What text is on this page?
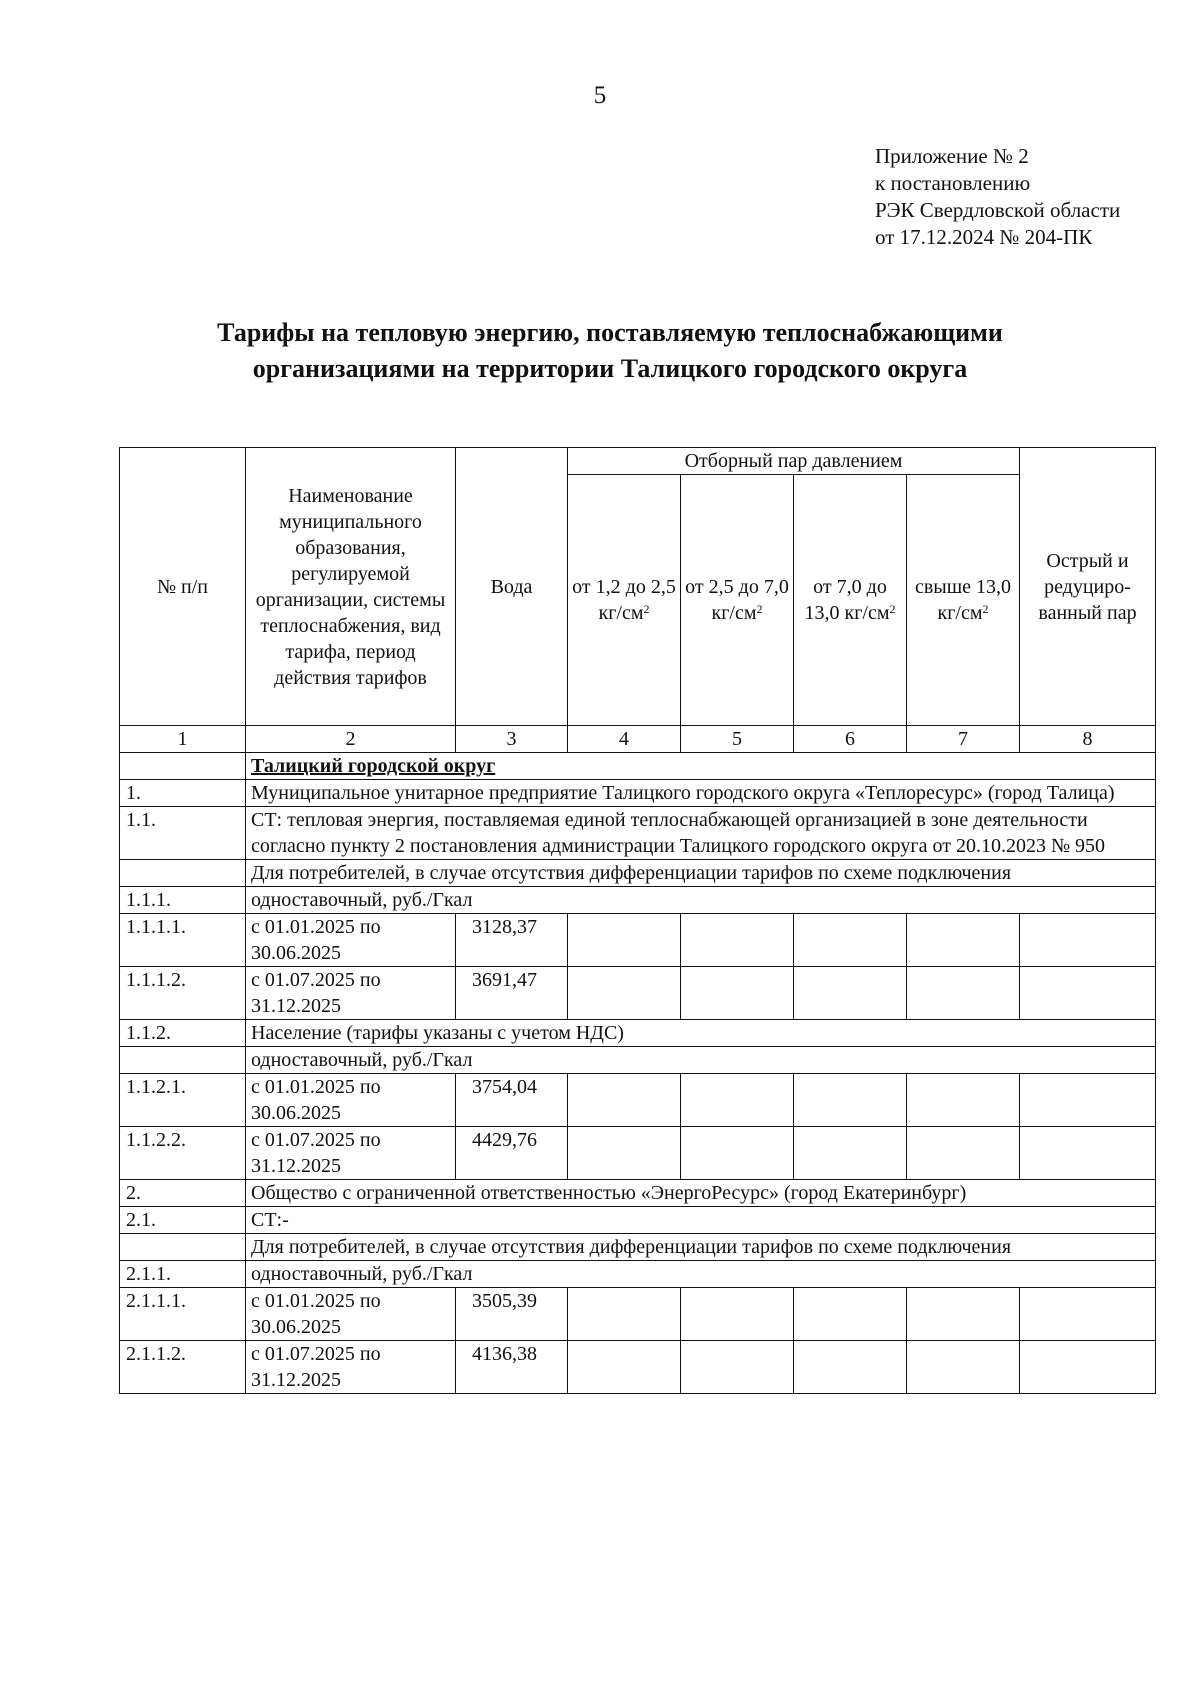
5
Приложение № 2
к постановлению
РЭК Свердловской области
от 17.12.2024 № 204-ПК
Тарифы на тепловую энергию, поставляемую теплоснабжающими
организациями на территории Талицкого городского округа
№ п/п	Наименование муниципального образования, регулируемой организации, системы теплоснабжения, вид тарифа, период действия тарифов	Вода	Отборный пар давлением				Острый и редуциро-ванный пар
			от 1,2 до 2,5 $кг/см^2$	от 2,5 до 7,0 $кг/см^2$	от 7,0 до 13,0 $кг/см^2$	свыше 13,0 $кг/см^2$
1	2	3	4	5	6	7	8
	Талицкий городской округ						
1.	Муниципальное унитарное предприятие Талицкого городского округа «Теплоресурс» (город Талица)						
1.1.	СТ: тепловая энергия, поставляемая единой теплоснабжающей организацией в зоне деятельности согласно пункту 2 постановления администрации Талицкого городского округа от 20.10.2023 № 950						
	Для потребителей, в случае отсутствия дифференциации тарифов по схеме подключения						
1.1.1.	одноставочный, руб./Гкал						
1.1.1.1.	с 01.01.2025 по 30.06.2025	3128,37					
1.1.1.2.	с 01.07.2025 по 31.12.2025	3691,47					
1.1.2.	Население (тарифы указаны с учетом НДС)						
	одноставочный, руб./Гкал						
1.1.2.1.	с 01.01.2025 по 30.06.2025	3754,04					
1.1.2.2.	с 01.07.2025 по 31.12.2025	4429,76					
2.	Общество с ограниченной ответственностью «ЭнергоРесурс» (город Екатеринбург)						
2.1.	СТ:-						
	Для потребителей, в случае отсутствия дифференциации тарифов по схеме подключения						
2.1.1.	одноставочный, руб./Гкал						
2.1.1.1.	с 01.01.2025 по 30.06.2025	3505,39					
2.1.1.2.	с 01.07.2025 по 31.12.2025	4136,38					
